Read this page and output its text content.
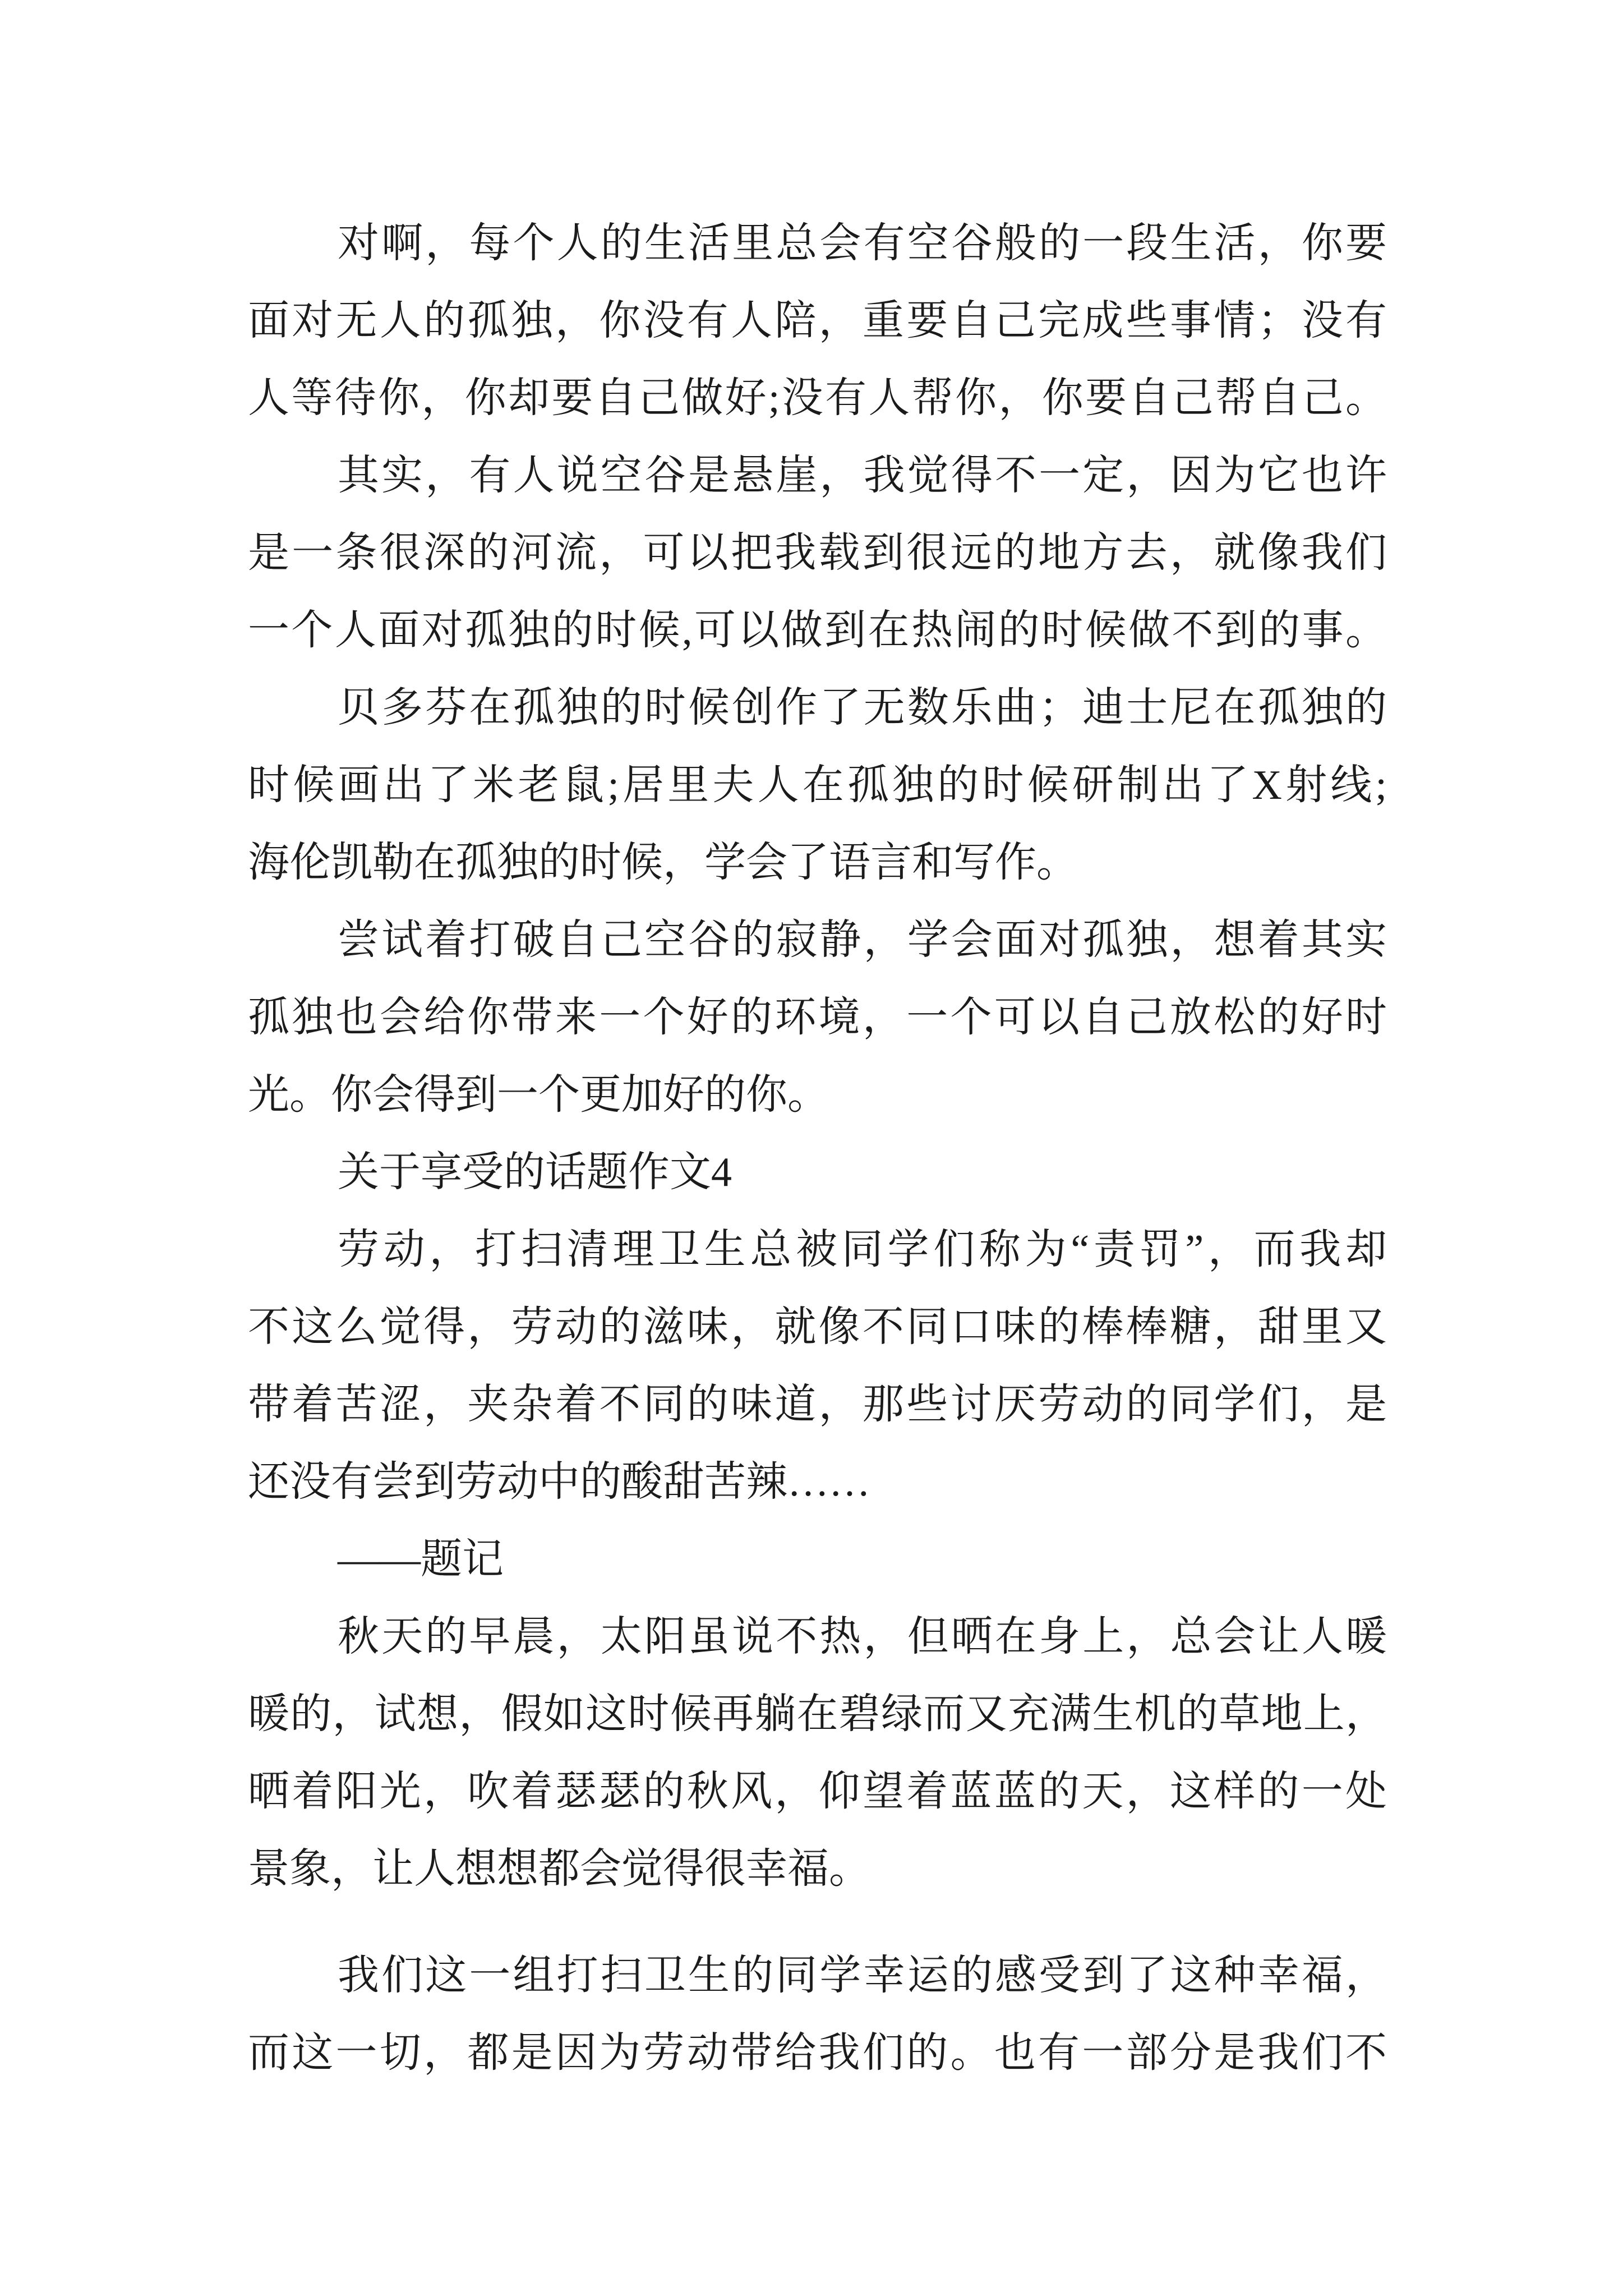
对啊，每个人的生活里总会有空谷般的一段生活，你要
面对无人的孤独，你没有人陪，重要自己完成些事情；没有
人等待你，你却要自己做好;没有人帮你，你要自己帮自己。
其实，有人说空谷是悬崖，我觉得不一定，因为它也许
是一条很深的河流，可以把我载到很远的地方去，就像我们
一个人面对孤独的时候,可以做到在热闹的时候做不到的事。
贝多芬在孤独的时候创作了无数乐曲；迪士尼在孤独的
时候画出了米老鼠;居里夫人在孤独的时候研制出了X射线;
海伦凯勒在孤独的时候，学会了语言和写作。
尝试着打破自己空谷的寂静，学会面对孤独，想着其实
孤独也会给你带来一个好的环境，一个可以自己放松的好时
光。你会得到一个更加好的你。
关于享受的话题作文4
劳动，打扫清理卫生总被同学们称为“责罚”，而我却
不这么觉得，劳动的滋味，就像不同口味的棒棒糖，甜里又
带着苦涩，夹杂着不同的味道，那些讨厌劳动的同学们，是
还没有尝到劳动中的酸甜苦辣……
——题记
秋天的早晨，太阳虽说不热，但晒在身上，总会让人暖
暖的，试想，假如这时候再躺在碧绿而又充满生机的草地上，
晒着阳光，吹着瑟瑟的秋风，仰望着蓝蓝的天，这样的一处
景象，让人想想都会觉得很幸福。
我们这一组打扫卫生的同学幸运的感受到了这种幸福，
而这一切，都是因为劳动带给我们的。也有一部分是我们不
